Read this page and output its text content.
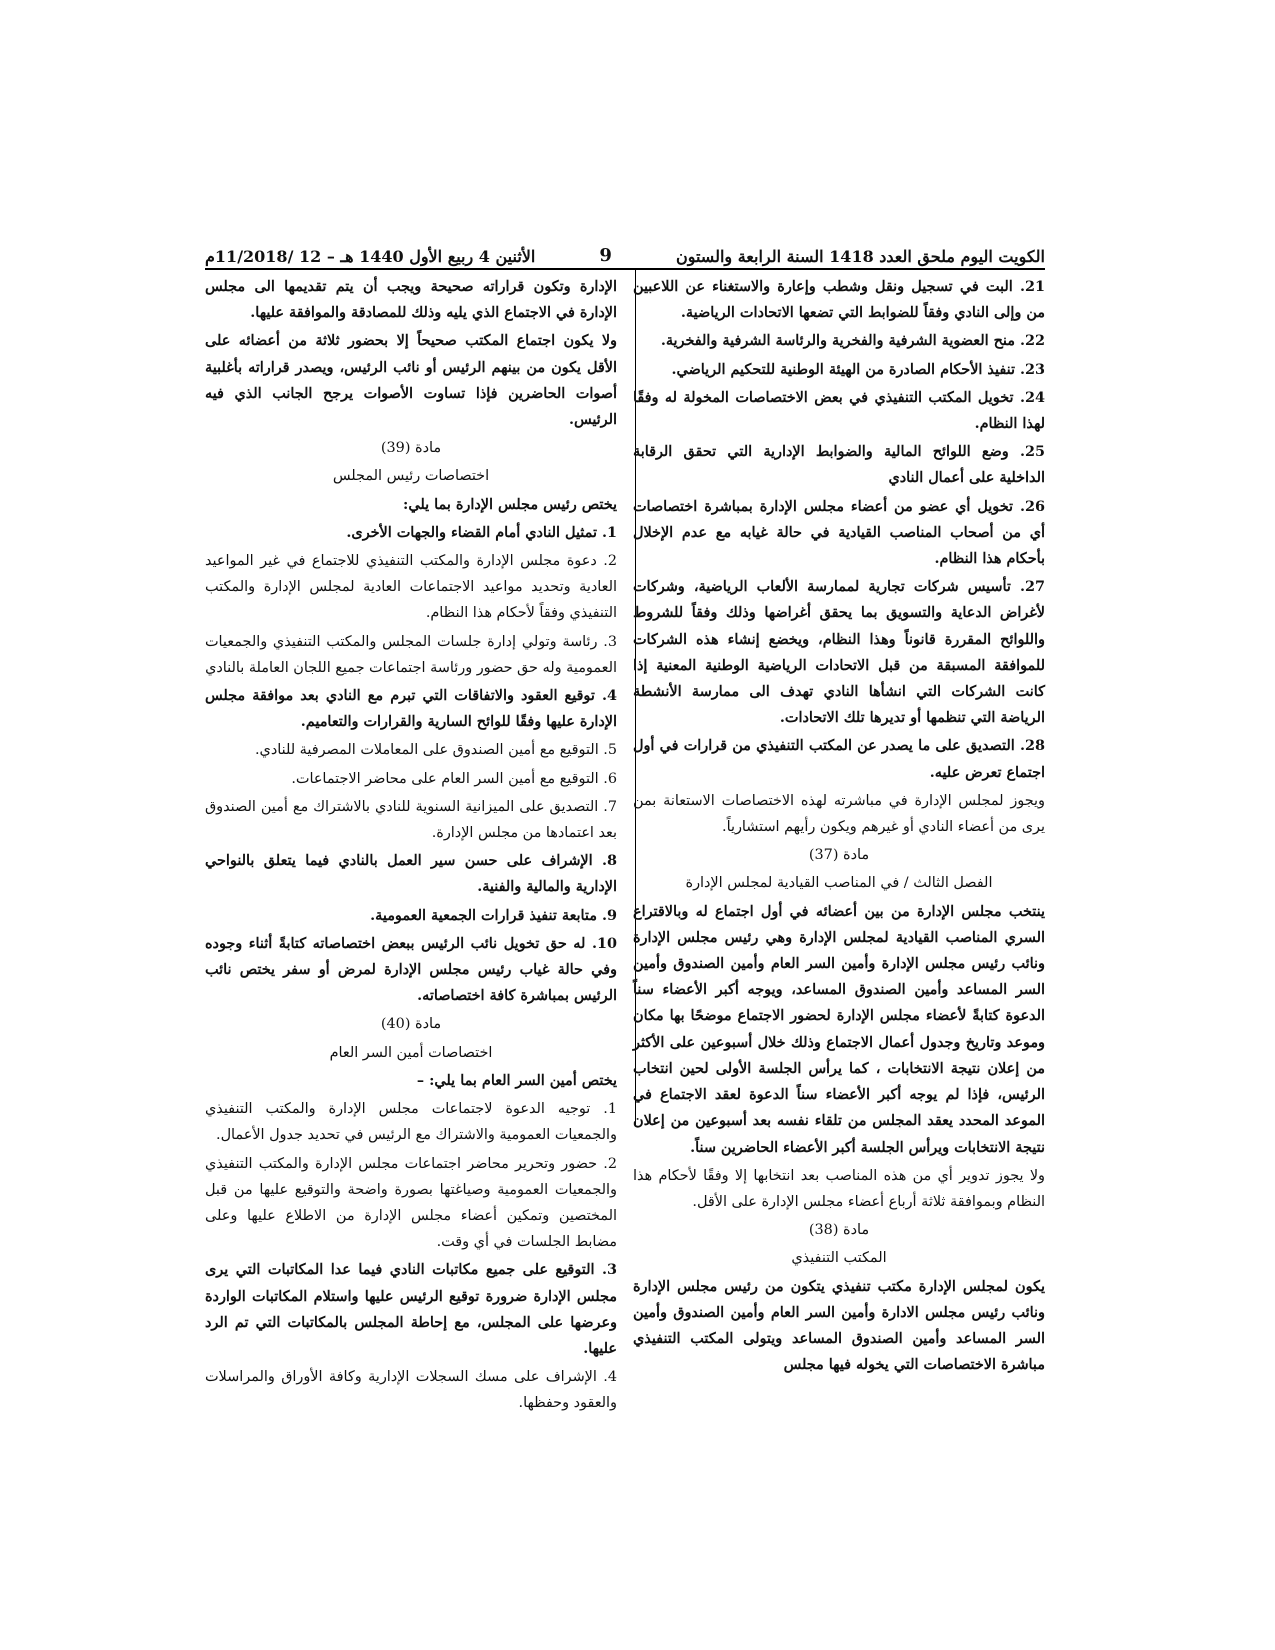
الكويت اليوم ملحق العدد 1418 السنة الرابعة والستون
9
الأثنين 4 ربيع الأول 1440 هـ – 12 /11/2018م

21. البت في تسجيل ونقل وشطب وإعارة والاستغناء عن اللاعبين من وإلى النادي وفقاً للضوابط التي تضعها الاتحادات الرياضية.

22. منح العضوية الشرفية والفخرية والرئاسة الشرفية والفخرية.

23. تنفيذ الأحكام الصادرة من الهيئة الوطنية للتحكيم الرياضي.

24. تخويل المكتب التنفيذي في بعض الاختصاصات المخولة له وفقًا لهذا النظام.

25. وضع اللوائح المالية والضوابط الإدارية التي تحقق الرقابة الداخلية على أعمال النادي

26. تخويل أي عضو من أعضاء مجلس الإدارة بمباشرة اختصاصات أي من أصحاب المناصب القيادية في حالة غيابه مع عدم الإخلال بأحكام هذا النظام.

27. تأسيس شركات تجارية لممارسة الألعاب الرياضية، وشركات لأغراض الدعاية والتسويق بما يحقق أغراضها وذلك وفقاً للشروط واللوائح المقررة قانوناً وهذا النظام، ويخضع إنشاء هذه الشركات للموافقة المسبقة من قبل الاتحادات الرياضية الوطنية المعنية إذا كانت الشركات التي انشأها النادي تهدف الى ممارسة الأنشطة الرياضة التي تنظمها أو تديرها تلك الاتحادات.

28. التصديق على ما يصدر عن المكتب التنفيذي من قرارات في أول اجتماع تعرض عليه.

ويجوز لمجلس الإدارة في مباشرته لهذه الاختصاصات الاستعانة بمن يرى من أعضاء النادي أو غيرهم ويكون رأيهم استشارياً.

مادة (37)

الفصل الثالث / في المناصب القيادية لمجلس الإدارة

ينتخب مجلس الإدارة من بين أعضائه في أول اجتماع له وبالاقتراع السري المناصب القيادية لمجلس الإدارة وهي رئيس مجلس الإدارة ونائب رئيس مجلس الإدارة وأمين السر العام وأمين الصندوق وأمين السر المساعد وأمين الصندوق المساعد، ويوجه أكبر الأعضاء سناً الدعوة كتابةً لأعضاء مجلس الإدارة لحضور الاجتماع موضحًا بها مكان وموعد وتاريخ وجدول أعمال الاجتماع وذلك خلال أسبوعين على الأكثر من إعلان نتيجة الانتخابات ، كما يرأس الجلسة الأولى لحين انتخاب الرئيس، فإذا لم يوجه أكبر الأعضاء سناً الدعوة لعقد الاجتماع في الموعد المحدد يعقد المجلس من تلقاء نفسه بعد أسبوعين من إعلان نتيجة الانتخابات ويرأس الجلسة أكبر الأعضاء الحاضرين سناً.

ولا يجوز تدوير أي من هذه المناصب بعد انتخابها إلا وفقًا لأحكام هذا النظام وبموافقة ثلاثة أرباع أعضاء مجلس الإدارة على الأقل.

مادة (38)

المكتب التنفيذي

يكون لمجلس الإدارة مكتب تنفيذي يتكون من رئيس مجلس الإدارة ونائب رئيس مجلس الادارة وأمين السر العام وأمين الصندوق وأمين السر المساعد وأمين الصندوق المساعد ويتولى المكتب التنفيذي مباشرة الاختصاصات التي يخوله فيها مجلس

الإدارة وتكون قراراته صحيحة ويجب أن يتم تقديمها الى مجلس الإدارة في الاجتماع الذي يليه وذلك للمصادقة والموافقة عليها.

ولا يكون اجتماع المكتب صحيحاً إلا بحضور ثلاثة من أعضائه على الأقل يكون من بينهم الرئيس أو نائب الرئيس، ويصدر قراراته بأغلبية أصوات الحاضرين فإذا تساوت الأصوات يرجح الجانب الذي فيه الرئيس.

مادة (39)

اختصاصات رئيس المجلس

يختص رئيس مجلس الإدارة بما يلي:

1. تمثيل النادي أمام القضاء والجهات الأخرى.

2. دعوة مجلس الإدارة والمكتب التنفيذي للاجتماع في غير المواعيد العادية وتحديد مواعيد الاجتماعات العادية لمجلس الإدارة والمكتب التنفيذي وفقاً لأحكام هذا النظام.

3. رئاسة وتولي إدارة جلسات المجلس والمكتب التنفيذي والجمعيات العمومية وله حق حضور ورئاسة اجتماعات جميع اللجان العاملة بالنادي

4. توقيع العقود والاتفاقات التي تبرم مع النادي بعد موافقة مجلس الإدارة عليها وفقًا للوائح السارية والقرارات والتعاميم.

5. التوقيع مع أمين الصندوق على المعاملات المصرفية للنادي.

6. التوقيع مع أمين السر العام على محاضر الاجتماعات.

7. التصديق على الميزانية السنوية للنادي بالاشتراك مع أمين الصندوق بعد اعتمادها من مجلس الإدارة.

8. الإشراف على حسن سير العمل بالنادي فيما يتعلق بالنواحي الإدارية والمالية والفنية.

9. متابعة تنفيذ قرارات الجمعية العمومية.

10. له حق تخويل نائب الرئيس ببعض اختصاصاته كتابةً أثناء وجوده وفي حالة غياب رئيس مجلس الإدارة لمرض أو سفر يختص نائب الرئيس بمباشرة كافة اختصاصاته.

مادة (40)

اختصاصات أمين السر العام

يختص أمين السر العام بما يلي: –

1. توجيه الدعوة لاجتماعات مجلس الإدارة والمكتب التنفيذي والجمعيات العمومية والاشتراك مع الرئيس في تحديد جدول الأعمال.

2. حضور وتحرير محاضر اجتماعات مجلس الإدارة والمكتب التنفيذي والجمعيات العمومية وصياغتها بصورة واضحة والتوقيع عليها من قبل المختصين وتمكين أعضاء مجلس الإدارة من الاطلاع عليها وعلى مضابط الجلسات في أي وقت.

3. التوقيع على جميع مكاتبات النادي فيما عدا المكاتبات التي يرى مجلس الإدارة ضرورة توقيع الرئيس عليها واستلام المكاتبات الواردة وعرضها على المجلس، مع إحاطة المجلس بالمكاتبات التي تم الرد عليها.

4. الإشراف على مسك السجلات الإدارية وكافة الأوراق والمراسلات والعقود وحفظها.
